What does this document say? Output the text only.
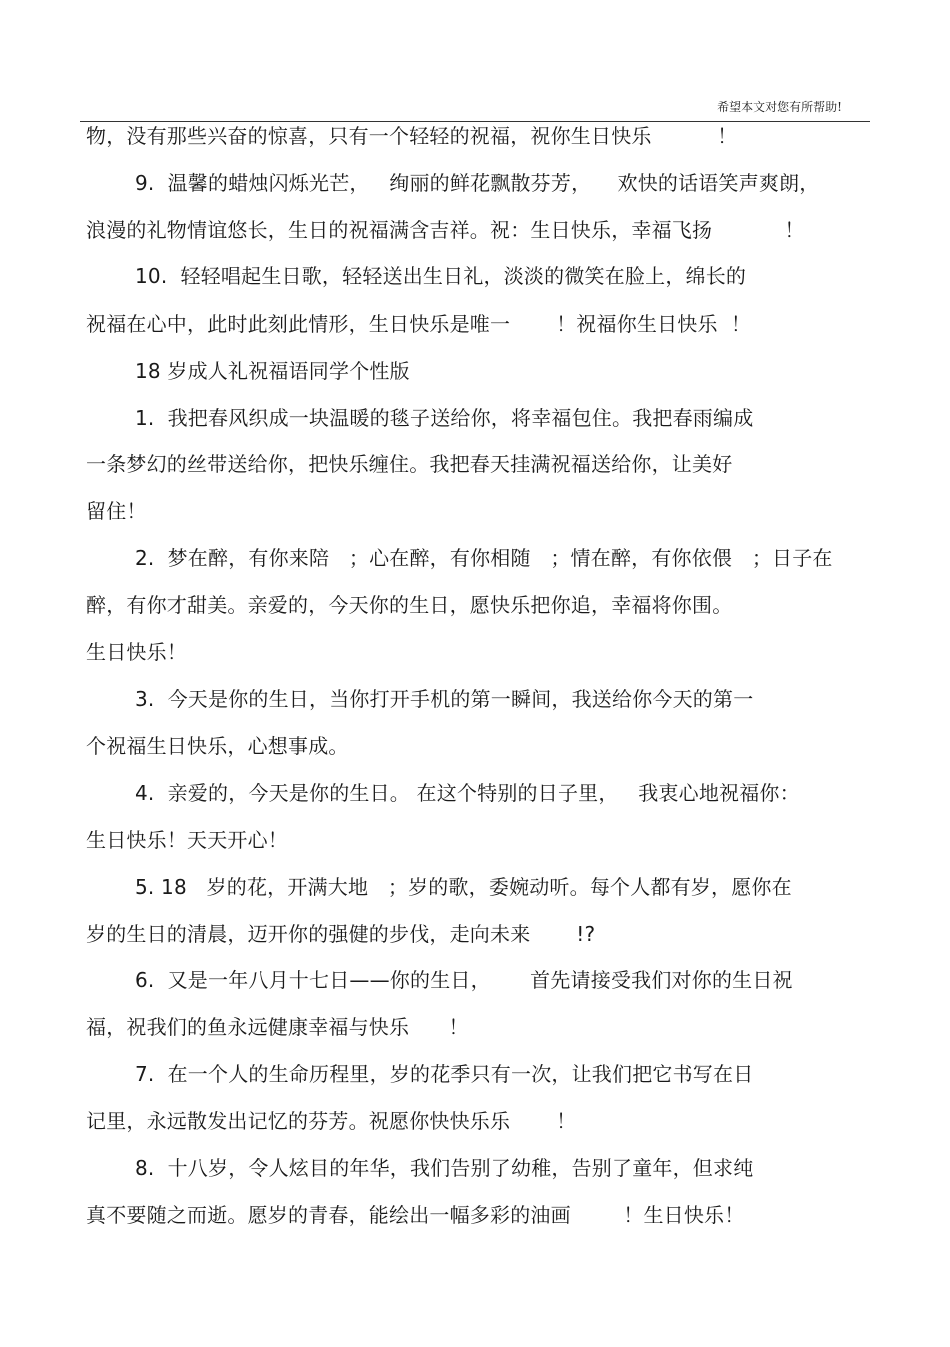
希望本文对您有所帮助!
物，没有那些兴奋的惊喜，只有一个轻轻的祝福，祝你生日快乐          ！
9.  温馨的蜡烛闪烁光芒，   绚丽的鲜花飘散芬芳，    欢快的话语笑声爽朗，
浪漫的礼物情谊悠长，生日的祝福满含吉祥。祝：生日快乐，幸福飞扬           ！
10.  轻轻唱起生日歌，轻轻送出生日礼，淡淡的微笑在脸上，绵长的
祝福在心中，此时此刻此情形，生日快乐是唯一       ！祝福你生日快乐  ！
18 岁成人礼祝福语同学个性版
1.  我把春风织成一块温暖的毯子送给你，将幸福包住。我把春雨编成
一条梦幻的丝带送给你，把快乐缠住。我把春天挂满祝福送给你，让美好
留住！
2.  梦在醉，有你来陪   ；心在醉，有你相随   ；情在醉，有你依偎   ；日子在
醉，有你才甜美。亲爱的，今天你的生日，愿快乐把你追，幸福将你围。
生日快乐！
3.  今天是你的生日，当你打开手机的第一瞬间，我送给你今天的第一
个祝福生日快乐，心想事成。
4.  亲爱的，今天是你的生日。 在这个特别的日子里，   我衷心地祝福你：
生日快乐！天天开心！
5. 18   岁的花，开满大地   ；岁的歌，委婉动听。每个人都有岁，愿你在
岁的生日的清晨，迈开你的强健的步伐，走向未来       !?
6.  又是一年八月十七日——你的生日，      首先请接受我们对你的生日祝
福，祝我们的鱼永远健康幸福与快乐      ！
7.  在一个人的生命历程里，岁的花季只有一次，让我们把它书写在日
记里，永远散发出记忆的芬芳。祝愿你快快乐乐       ！
8.  十八岁，令人炫目的年华，我们告别了幼稚，告别了童年，但求纯
真不要随之而逝。愿岁的青春，能绘出一幅多彩的油画        ！生日快乐！
